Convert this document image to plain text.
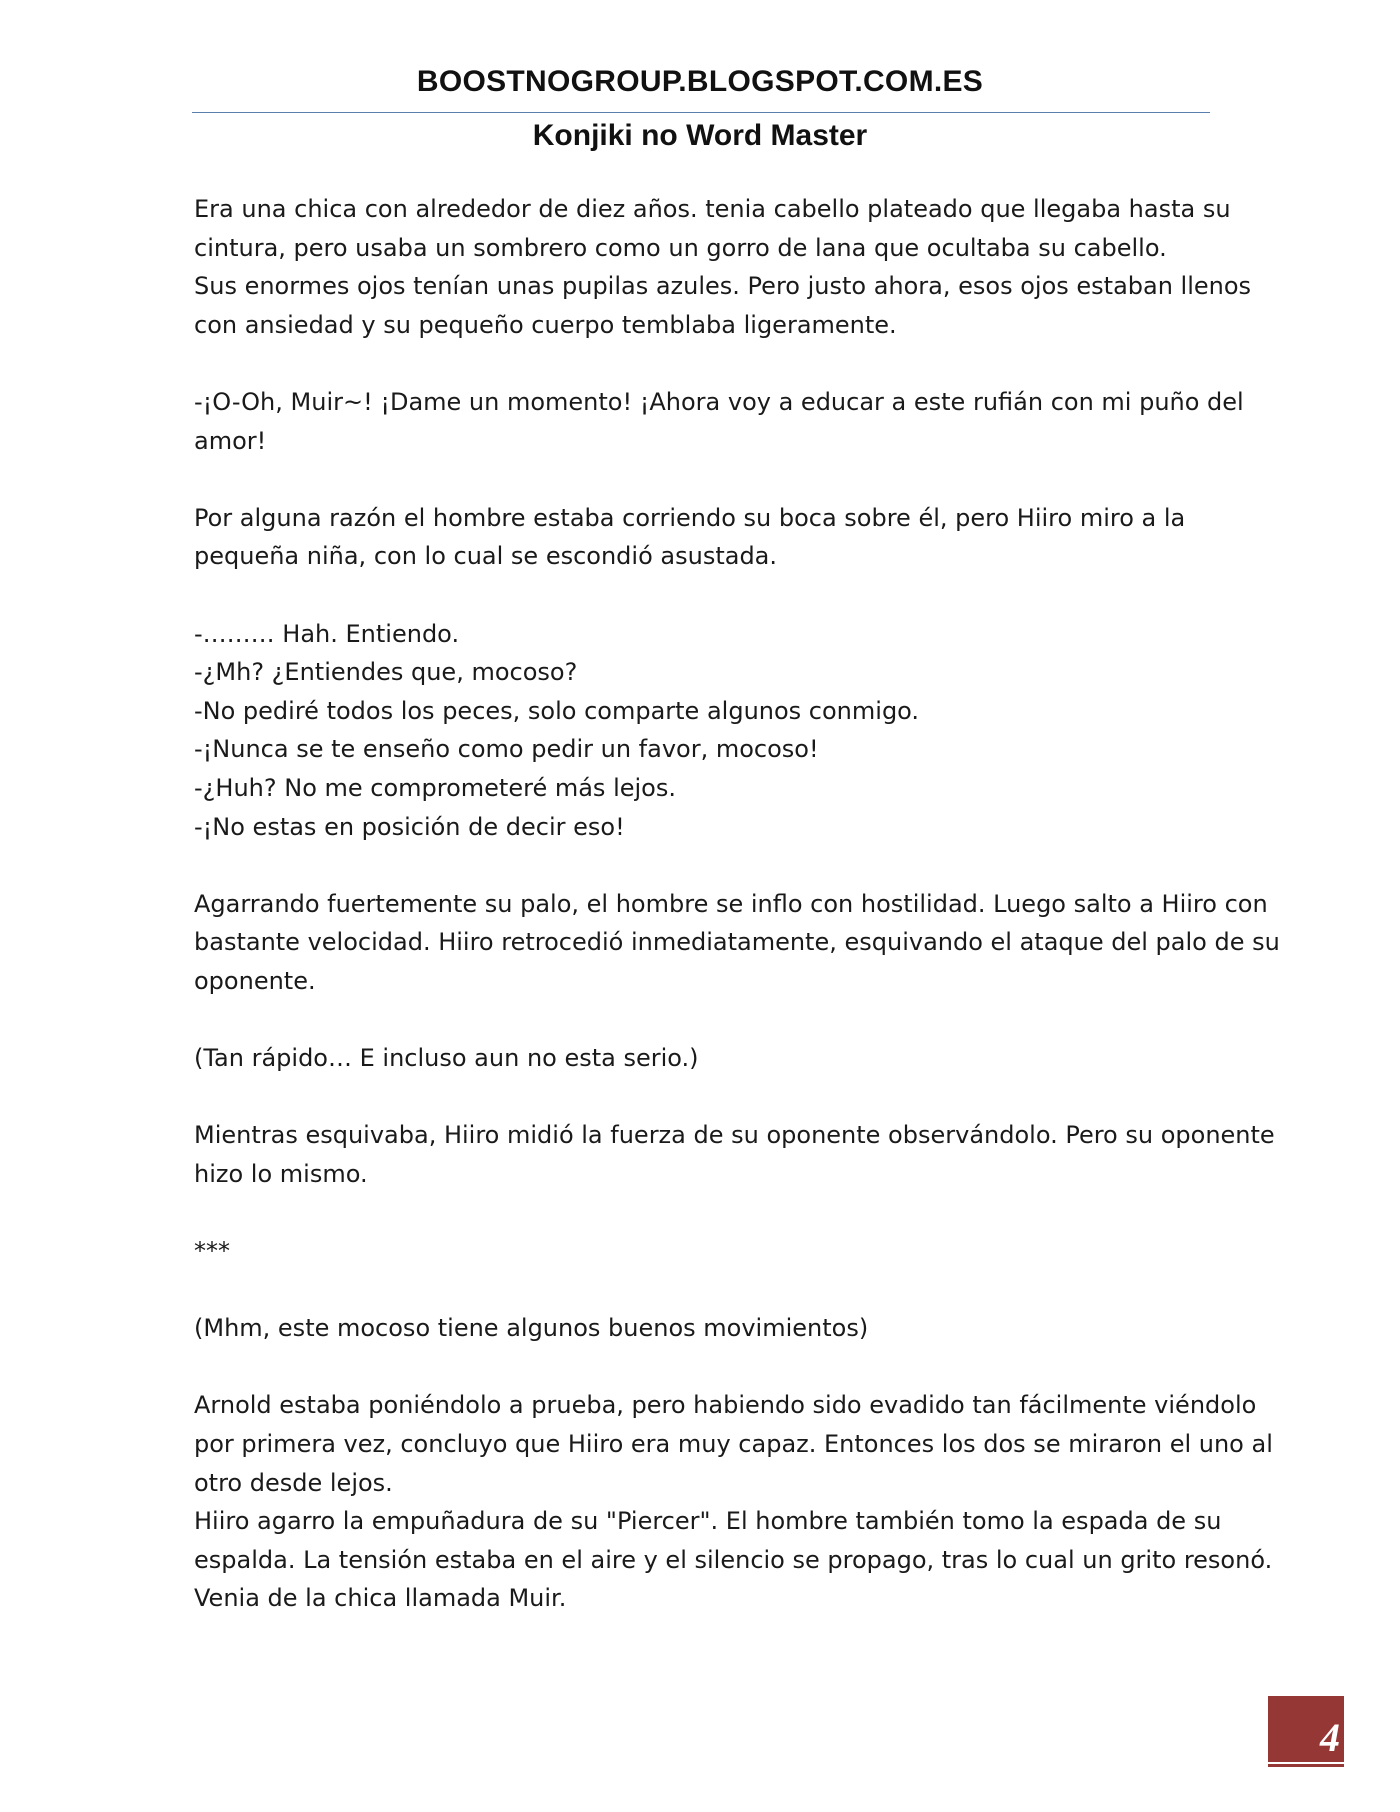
BOOSTNOGROUP.BLOGSPOT.COM.ES
Konjiki no Word Master
Era una chica con alrededor de diez años. tenia cabello plateado que llegaba hasta su
cintura, pero usaba un sombrero como un gorro de lana que ocultaba su cabello.
Sus enormes ojos tenían unas pupilas azules. Pero justo ahora, esos ojos estaban llenos
con ansiedad y su pequeño cuerpo temblaba ligeramente.
-¡O-Oh, Muir~! ¡Dame un momento! ¡Ahora voy a educar a este rufián con mi puño del
amor!
Por alguna razón el hombre estaba corriendo su boca sobre él, pero Hiiro miro a la
pequeña niña, con lo cual se escondió asustada.
-……… Hah. Entiendo.
-¿Mh? ¿Entiendes que, mocoso?
-No pediré todos los peces, solo comparte algunos conmigo.
-¡Nunca se te enseño como pedir un favor, mocoso!
-¿Huh? No me comprometeré más lejos.
-¡No estas en posición de decir eso!
Agarrando fuertemente su palo, el hombre se inflo con hostilidad. Luego salto a Hiiro con
bastante velocidad. Hiiro retrocedió inmediatamente, esquivando el ataque del palo de su
oponente.
(Tan rápido… E incluso aun no esta serio.)
Mientras esquivaba, Hiiro midió la fuerza de su oponente observándolo. Pero su oponente
hizo lo mismo.
***
(Mhm, este mocoso tiene algunos buenos movimientos)
Arnold estaba poniéndolo a prueba, pero habiendo sido evadido tan fácilmente viéndolo
por primera vez, concluyo que Hiiro era muy capaz. Entonces los dos se miraron el uno al
otro desde lejos.
Hiiro agarro la empuñadura de su "Piercer". El hombre también tomo la espada de su
espalda. La tensión estaba en el aire y el silencio se propago, tras lo cual un grito resonó.
Venia de la chica llamada Muir.
4
